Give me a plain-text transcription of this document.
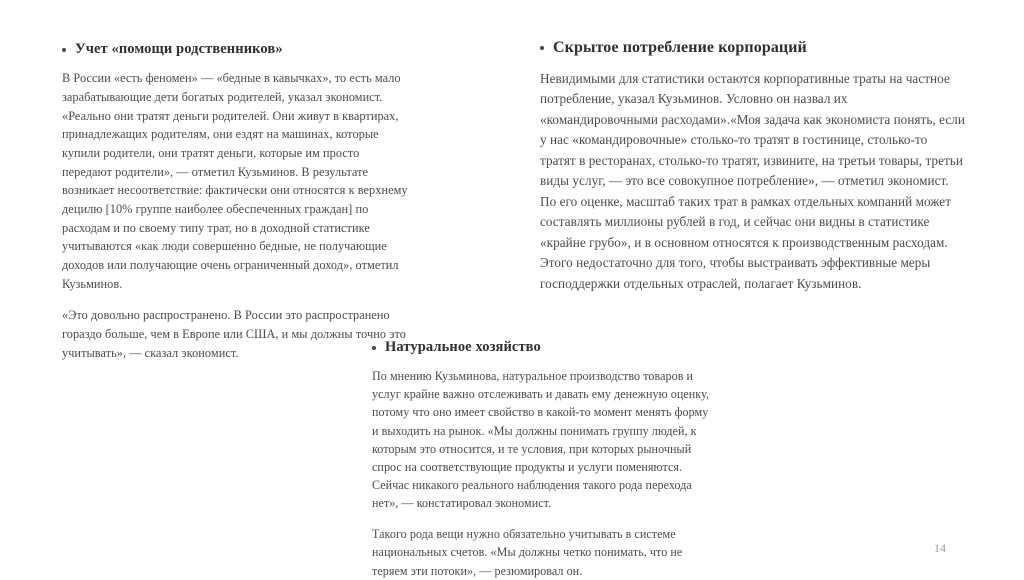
Учет «помощи родственников»

В России «есть феномен» — «бедные в кавычках», то есть мало зарабатывающие дети богатых родителей, указал экономист. «Реально они тратят деньги родителей. Они живут в квартирах, принадлежащих родителям, они ездят на машинах, которые купили родители, они тратят деньги, которые им просто передают родители», — отметил Кузьминов. В результате возникает несоответствие: фактически они относятся к верхнему децилю [10% группе наиболее обеспеченных граждан] по расходам и по своему типу трат, но в доходной статистике учитываются «как люди совершенно бедные, не получающие доходов или получающие очень ограниченный доход», отметил Кузьминов.

«Это довольно распространено. В России это распространено гораздо больше, чем в Европе или США, и мы должны точно это учитывать», — сказал экономист.

Скрытое потребление корпораций

Невидимыми для статистики остаются корпоративные траты на частное потребление, указал Кузьминов. Условно он назвал их «командировочными расходами».«Моя задача как экономиста понять, если у нас «командировочные» столько-то тратят в гостинице, столько-то тратят в ресторанах, столько-то тратят, извините, на третьи товары, третьи виды услуг, — это все совокупное потребление», — отметил экономист. По его оценке, масштаб таких трат в рамках отдельных компаний может составлять миллионы рублей в год, и сейчас они видны в статистике «крайне грубо», и в основном относятся к производственным расходам. Этого недостаточно для того, чтобы выстраивать эффективные меры господдержки отдельных отраслей, полагает Кузьминов.

Натуральное хозяйство

По мнению Кузьминова, натуральное производство товаров и услуг крайне важно отслеживать и давать ему денежную оценку, потому что оно имеет свойство в какой-то момент менять форму и выходить на рынок. «Мы должны понимать группу людей, к которым это относится, и те условия, при которых рыночный спрос на соответствующие продукты и услуги поменяются. Сейчас никакого реального наблюдения такого рода перехода нет», — констатировал экономист.

Такого рода вещи нужно обязательно учитывать в системе национальных счетов. «Мы должны четко понимать, что не теряем эти потоки», — резюмировал он.

14
